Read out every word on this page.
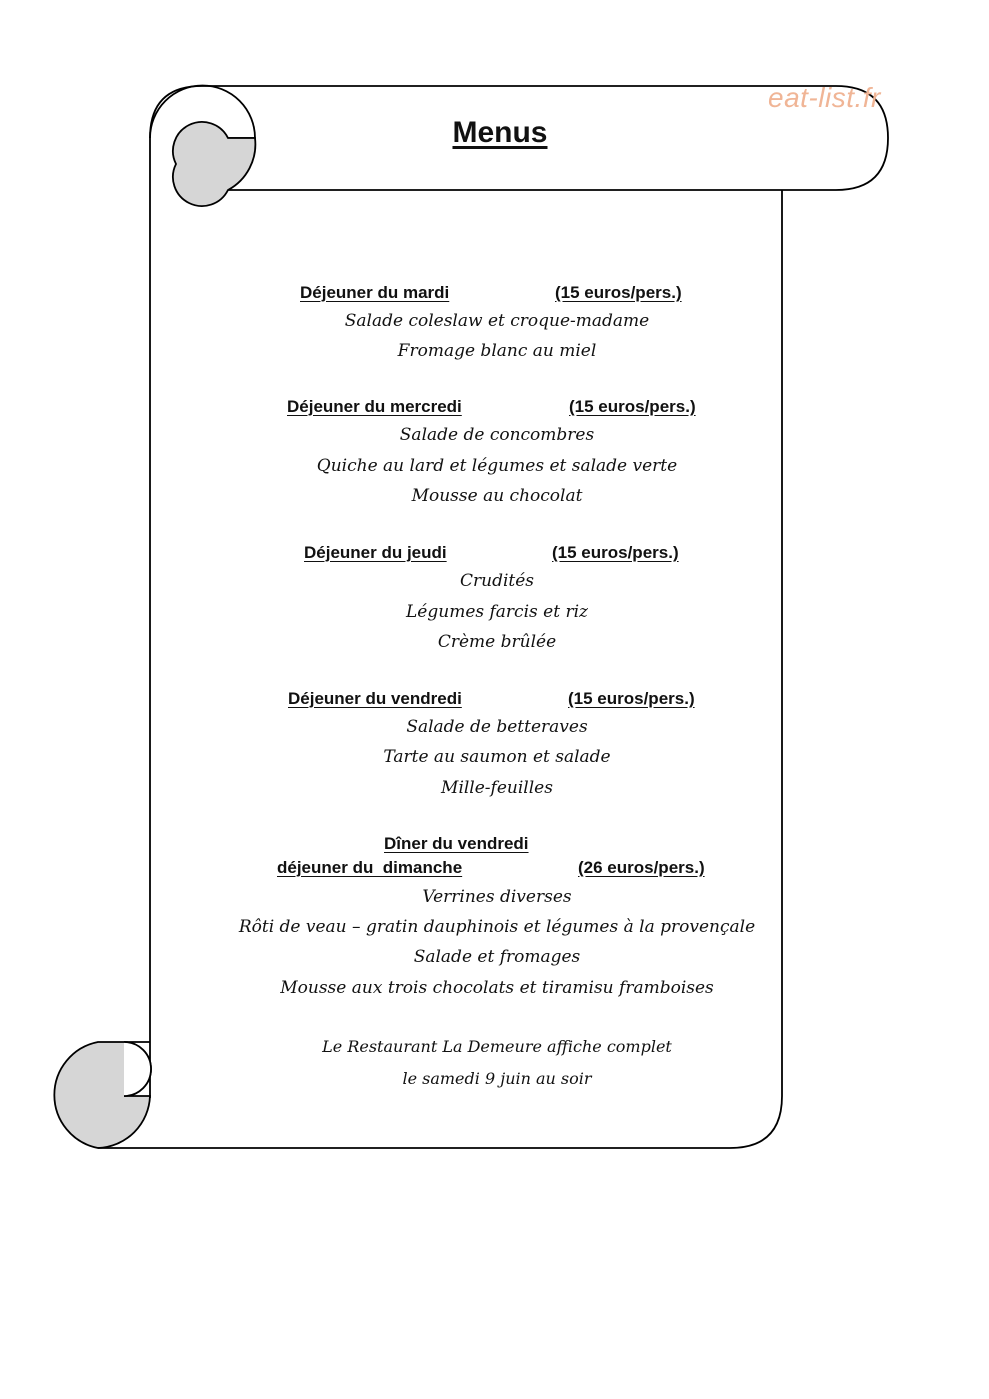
eat-list.fr
Menus
Déjeuner du mardi	(15 euros/pers.)
Salade coleslaw et croque-madame
Fromage blanc au miel
Déjeuner du mercredi	(15 euros/pers.)
Salade de concombres
Quiche au lard et légumes et salade verte
Mousse au chocolat
Déjeuner du jeudi	(15 euros/pers.)
Crudités
Légumes farcis et riz
Crème brûlée
Déjeuner du vendredi	(15 euros/pers.)
Salade de betteraves
Tarte au saumon et salade
Mille-feuilles
Dîner du vendredi
déjeuner du  dimanche	(26 euros/pers.)
Verrines diverses
Rôti de veau – gratin dauphinois et légumes à la provençale
Salade et fromages
Mousse aux trois chocolats et tiramisu framboises
Le Restaurant La Demeure affiche complet
le samedi 9 juin au soir
